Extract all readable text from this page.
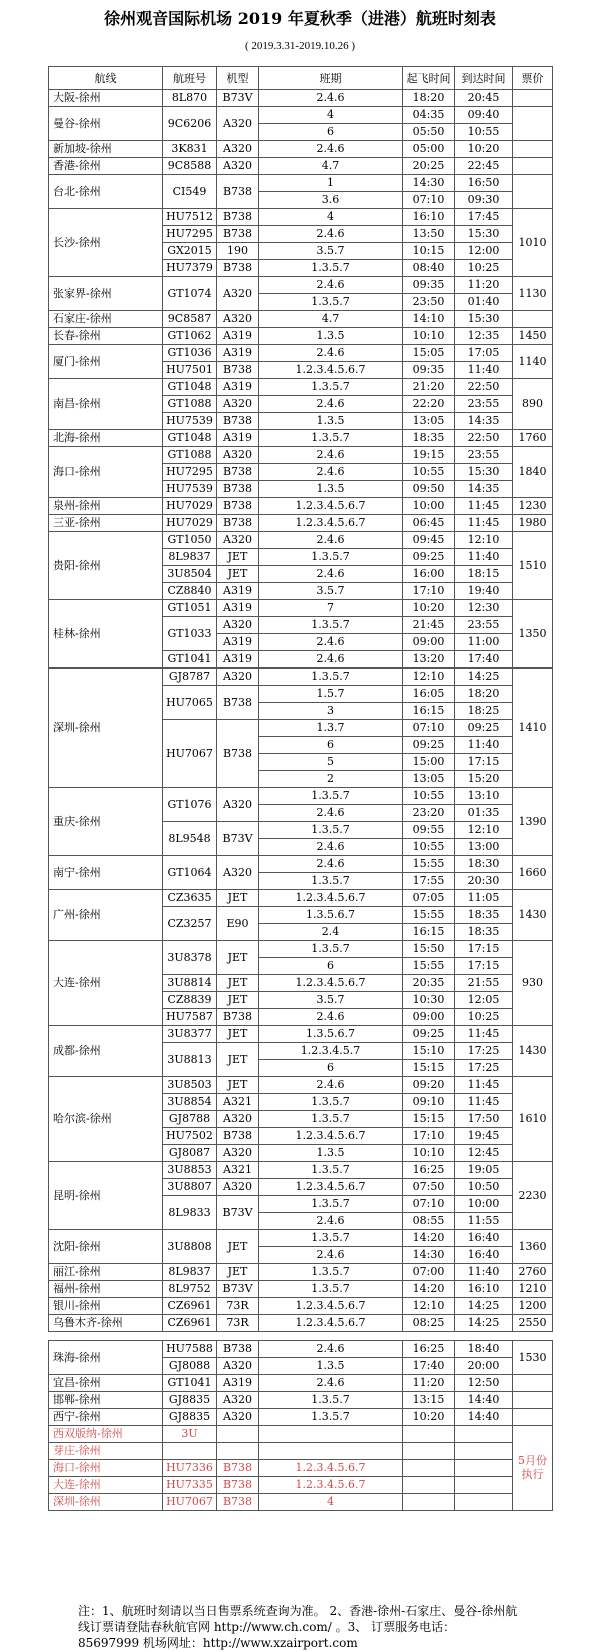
徐州观音国际机场 2019 年夏秋季（进港）航班时刻表
( 2019.3.31-2019.10.26 )
航线	航班号	机型	班期	起飞时间	到达时间	票价
大阪-徐州	8L870	B73V	2.4.6	18:20	20:45	
曼谷-徐州	9C6206	A320	4	04:35	09:40	
			6	05:50	10:55	
新加坡-徐州	3K831	A320	2.4.6	05:00	10:20	
香港-徐州	9C8588	A320	4.7	20:25	22:45	
台北-徐州	CI549	B738	1	14:30	16:50	
			3.6	07:10	09:30	
长沙-徐州	HU7512	B738	4	16:10	17:45	1010
	HU7295	B738	2.4.6	13:50	15:30	
	GX2015	190	3.5.7	10:15	12:00	
	HU7379	B738	1.3.5.7	08:40	10:25	
张家界-徐州	GT1074	A320	2.4.6	09:35	11:20	1130
			1.3.5.7	23:50	01:40	
石家庄-徐州	9C8587	A320	4.7	14:10	15:30	
长春-徐州	GT1062	A319	1.3.5	10:10	12:35	1450
厦门-徐州	GT1036	A319	2.4.6	15:05	17:05	1140
	HU7501	B738	1.2.3.4.5.6.7	09:35	11:40	
南昌-徐州	GT1048	A319	1.3.5.7	21:20	22:50	890
	GT1088	A320	2.4.6	22:20	23:55	
	HU7539	B738	1.3.5	13:05	14:35	
北海-徐州	GT1048	A319	1.3.5.7	18:35	22:50	1760
海口-徐州	GT1088	A320	2.4.6	19:15	23:55	1840
	HU7295	B738	2.4.6	10:55	15:30	
	HU7539	B738	1.3.5	09:50	14:35	
泉州-徐州	HU7029	B738	1.2.3.4.5.6.7	10:00	11:45	1230
三亚-徐州	HU7029	B738	1.2.3.4.5.6.7	06:45	11:45	1980
贵阳-徐州	GT1050	A320	2.4.6	09:45	12:10	1510
	8L9837	JET	1.3.5.7	09:25	11:40	
	3U8504	JET	2.4.6	16:00	18:15	
	CZ8840	A319	3.5.7	17:10	19:40	
桂林-徐州	GT1051	A319	7	10:20	12:30	1350
	GT1033	A320	1.3.5.7	21:45	23:55	
		A319	2.4.6	09:00	11:00	
	GT1041	A319	2.4.6	13:20	17:40	
深圳-徐州	GJ8787	A320	1.3.5.7	12:10	14:25	1410
	HU7065	B738	1.5.7	16:05	18:20	
			3	16:15	18:25	
	HU7067	B738	1.3.7	07:10	09:25	
			6	09:25	11:40	
			5	15:00	17:15	
			2	13:05	15:20	
重庆-徐州	GT1076	A320	1.3.5.7	10:55	13:10	1390
			2.4.6	23:20	01:35	
	8L9548	B73V	1.3.5.7	09:55	12:10	
			2.4.6	10:55	13:00	
南宁-徐州	GT1064	A320	2.4.6	15:55	18:30	1660
			1.3.5.7	17:55	20:30	
广州-徐州	CZ3635	JET	1.2.3.4.5.6.7	07:05	11:05	1430
	CZ3257	E90	1.3.5.6.7	15:55	18:35	
			2.4	16:15	18:35	
大连-徐州	3U8378	JET	1.3.5.7	15:50	17:15	930
			6	15:55	17:15	
	3U8814	JET	1.2.3.4.5.6.7	20:35	21:55	
	CZ8839	JET	3.5.7	10:30	12:05	
	HU7587	B738	2.4.6	09:00	10:25	
成都-徐州	3U8377	JET	1.3.5.6.7	09:25	11:45	1430
	3U8813	JET	1.2.3.4.5.7	15:10	17:25	
			6	15:15	17:25	
哈尔滨-徐州	3U8503	JET	2.4.6	09:20	11:45	1610
	3U8854	A321	1.3.5.7	09:10	11:45	
	GJ8788	A320	1.3.5.7	15:15	17:50	
	HU7502	B738	1.2.3.4.5.6.7	17:10	19:45	
	GJ8087	A320	1.3.5	10:10	12:45	
昆明-徐州	3U8853	A321	1.3.5.7	16:25	19:05	2230
	3U8807	A320	1.2.3.4.5.6.7	07:50	10:50	
	8L9833	B73V	1.3.5.7	07:10	10:00	
			2.4.6	08:55	11:55	
沈阳-徐州	3U8808	JET	1.3.5.7	14:20	16:40	1360
			2.4.6	14:30	16:40	
丽江-徐州	8L9837	JET	1.3.5.7	07:00	11:40	2760
福州-徐州	8L9752	B73V	1.3.5.7	14:20	16:10	1210
银川-徐州	CZ6961	73R	1.2.3.4.5.6.7	12:10	14:25	1200
乌鲁木齐-徐州	CZ6961	73R	1.2.3.4.5.6.7	08:25	14:25	2550
珠海-徐州	HU7588	B738	2.4.6	16:25	18:40	1530
	GJ8088	A320	1.3.5	17:40	20:00	
宜昌-徐州	GT1041	A319	2.4.6	11:20	12:50	
邯郸-徐州	GJ8835	A320	1.3.5.7	13:15	14:40	
西宁-徐州	GJ8835	A320	1.3.5.7	10:20	14:40	
西双版纳-徐州	3U					5月份执行
芽庄-徐州						
海口-徐州	HU7336	B738	1.2.3.4.5.6.7			
大连-徐州	HU7335	B738	1.2.3.4.5.6.7			
深圳-徐州	HU7067	B738	4			
注：1、航班时刻请以当日售票系统查询为准。 2、香港-徐州-石家庄、曼谷-徐州航
线订票请登陆春秋航官网 http://www.ch.com/ 。3、 订票服务电话：
85697999 机场网址：http://www.xzairport.com
